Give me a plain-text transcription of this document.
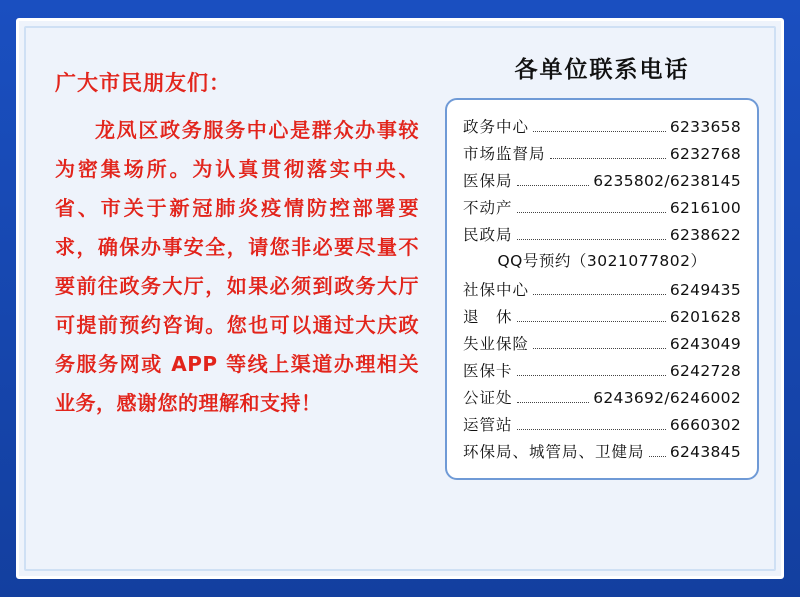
广大市民朋友们：
龙凤区政务服务中心是群众办事较为密集场所。为认真贯彻落实中央、省、市关于新冠肺炎疫情防控部署要求，确保办事安全，请您非必要尽量不要前往政务大厅，如果必须到政务大厅可提前预约咨询。您也可以通过大庆政务服务网或 APP 等线上渠道办理相关业务，感谢您的理解和支持！
各单位联系电话
政务中心	6233658
市场监督局	6232768
医保局	6235802/6238145
不动产	6216100
民政局	6238622
QQ号预约（3021077802）
社保中心	6249435
退　休	6201628
失业保险	6243049
医保卡	6242728
公证处	6243692/6246002
运管站	6660302
环保局、城管局、卫健局 6243845
